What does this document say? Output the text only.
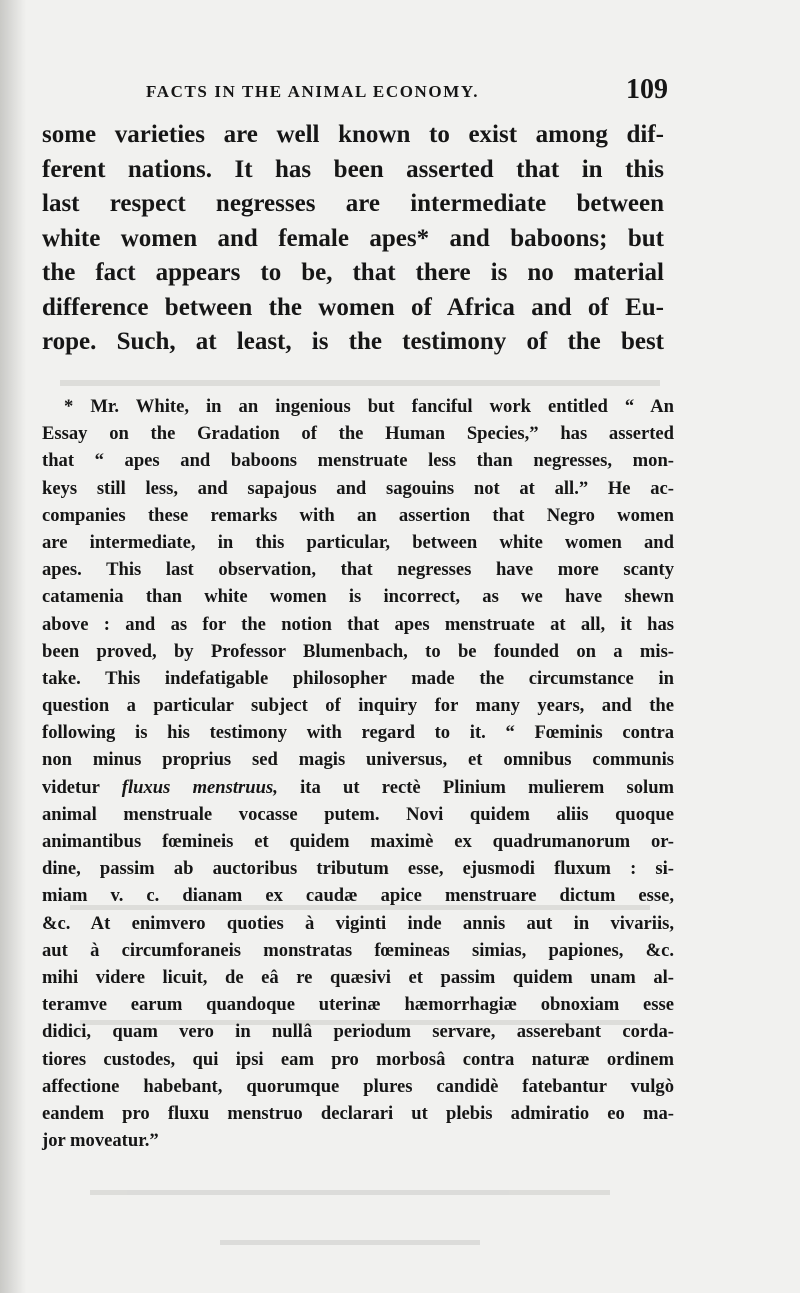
FACTS IN THE ANIMAL ECONOMY.	109
some varieties are well known to exist among dif-
ferent nations. It has been asserted that in this
last respect negresses are intermediate between
white women and female apes* and baboons; but
the fact appears to be, that there is no material
difference between the women of Africa and of Eu-
rope. Such, at least, is the testimony of the best
* Mr. White, in an ingenious but fanciful work entitled “ An
Essay on the Gradation of the Human Species,” has asserted
that “ apes and baboons menstruate less than negresses, mon-
keys still less, and sapajous and sagouins not at all.” He ac-
companies these remarks with an assertion that Negro women
are intermediate, in this particular, between white women and
apes. This last observation, that negresses have more scanty
catamenia than white women is incorrect, as we have shewn
above : and as for the notion that apes menstruate at all, it has
been proved, by Professor Blumenbach, to be founded on a mis-
take. This indefatigable philosopher made the circumstance in
question a particular subject of inquiry for many years, and the
following is his testimony with regard to it. “ Fœminis contra
non minus proprius sed magis universus, et omnibus communis
videtur fluxus menstruus, ita ut rectè Plinium mulierem solum
animal menstruale vocasse putem. Novi quidem aliis quoque
animantibus fœmineis et quidem maximè ex quadrumanorum or-
dine, passim ab auctoribus tributum esse, ejusmodi fluxum : si-
miam v. c. dianam ex caudæ apice menstruare dictum esse,
&c. At enimvero quoties à viginti inde annis aut in vivariis,
aut à circumforaneis monstratas fœmineas simias, papiones, &c.
mihi videre licuit, de eâ re quæsivi et passim quidem unam al-
teramve earum quandoque uterinæ hæmorrhagiæ obnoxiam esse
didici, quam vero in nullâ periodum servare, asserebant corda-
tiores custodes, qui ipsi eam pro morbosâ contra naturæ ordinem
affectione habebant, quorumque plures candidè fatebantur vulgò
eandem pro fluxu menstruo declarari ut plebis admiratio eo ma-
jor moveatur.”
